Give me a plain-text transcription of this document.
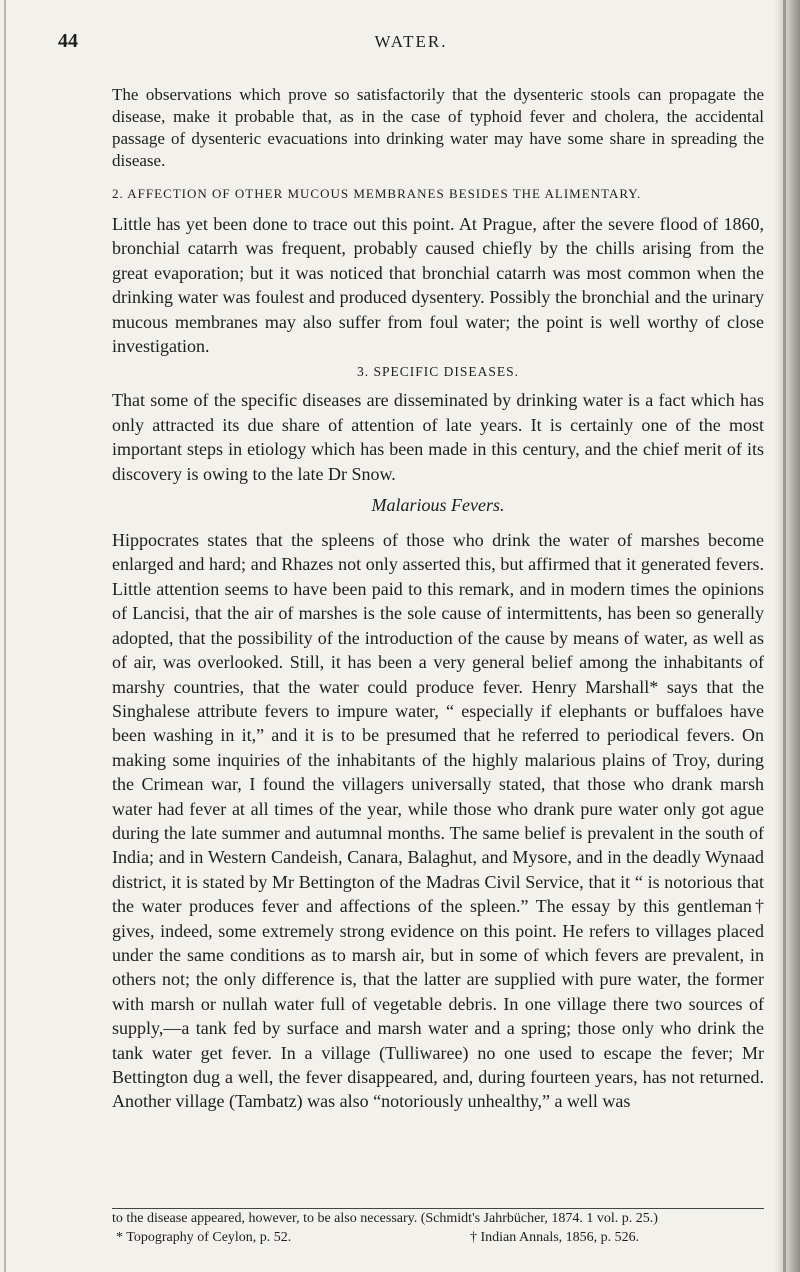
44	WATER.

The observations which prove so satisfactorily that the dysenteric stools can propagate the disease, make it probable that, as in the case of typhoid fever and cholera, the accidental passage of dysenteric evacuations into drinking water may have some share in spreading the disease.

2. AFFECTION OF OTHER MUCOUS MEMBRANES BESIDES THE ALIMENTARY.

Little has yet been done to trace out this point. At Prague, after the severe flood of 1860, bronchial catarrh was frequent, probably caused chiefly by the chills arising from the great evaporation; but it was noticed that bronchial catarrh was most common when the drinking water was foulest and produced dysentery. Possibly the bronchial and the urinary mucous membranes may also suffer from foul water; the point is well worthy of close investigation.

3. SPECIFIC DISEASES.

That some of the specific diseases are disseminated by drinking water is a fact which has only attracted its due share of attention of late years. It is certainly one of the most important steps in etiology which has been made in this century, and the chief merit of its discovery is owing to the late Dr Snow.

Malarious Fevers.

Hippocrates states that the spleens of those who drink the water of marshes become enlarged and hard; and Rhazes not only asserted this, but affirmed that it generated fevers. Little attention seems to have been paid to this remark, and in modern times the opinions of Lancisi, that the air of marshes is the sole cause of intermittents, has been so generally adopted, that the possibility of the introduction of the cause by means of water, as well as of air, was overlooked. Still, it has been a very general belief among the inhabitants of marshy countries, that the water could produce fever. Henry Marshall* says that the Singhalese attribute fevers to impure water, “ especially if elephants or buffaloes have been washing in it,” and it is to be presumed that he referred to periodical fevers. On making some inquiries of the inhabitants of the highly malarious plains of Troy, during the Crimean war, I found the villagers universally stated, that those who drank marsh water had fever at all times of the year, while those who drank pure water only got ague during the late summer and autumnal months. The same belief is prevalent in the south of India; and in Western Candeish, Canara, Balaghut, and Mysore, and in the deadly Wynaad district, it is stated by Mr Bettington of the Madras Civil Service, that it “ is notorious that the water produces fever and affections of the spleen.” The essay by this gentleman† gives, indeed, some extremely strong evidence on this point. He refers to villages placed under the same conditions as to marsh air, but in some of which fevers are prevalent, in others not; the only difference is, that the latter are supplied with pure water, the former with marsh or nullah water full of vegetable debris. In one village there two sources of supply,—a tank fed by surface and marsh water and a spring; those only who drink the tank water get fever. In a village (Tulliwaree) no one used to escape the fever; Mr Bettington dug a well, the fever disappeared, and, during fourteen years, has not returned. Another village (Tambatz) was also “notoriously unhealthy,” a well was

to the disease appeared, however, to be also necessary. (Schmidt's Jahrbücher, 1874. 1 vol. p. 25.)
* Topography of Ceylon, p. 52.	† Indian Annals, 1856, p. 526.
